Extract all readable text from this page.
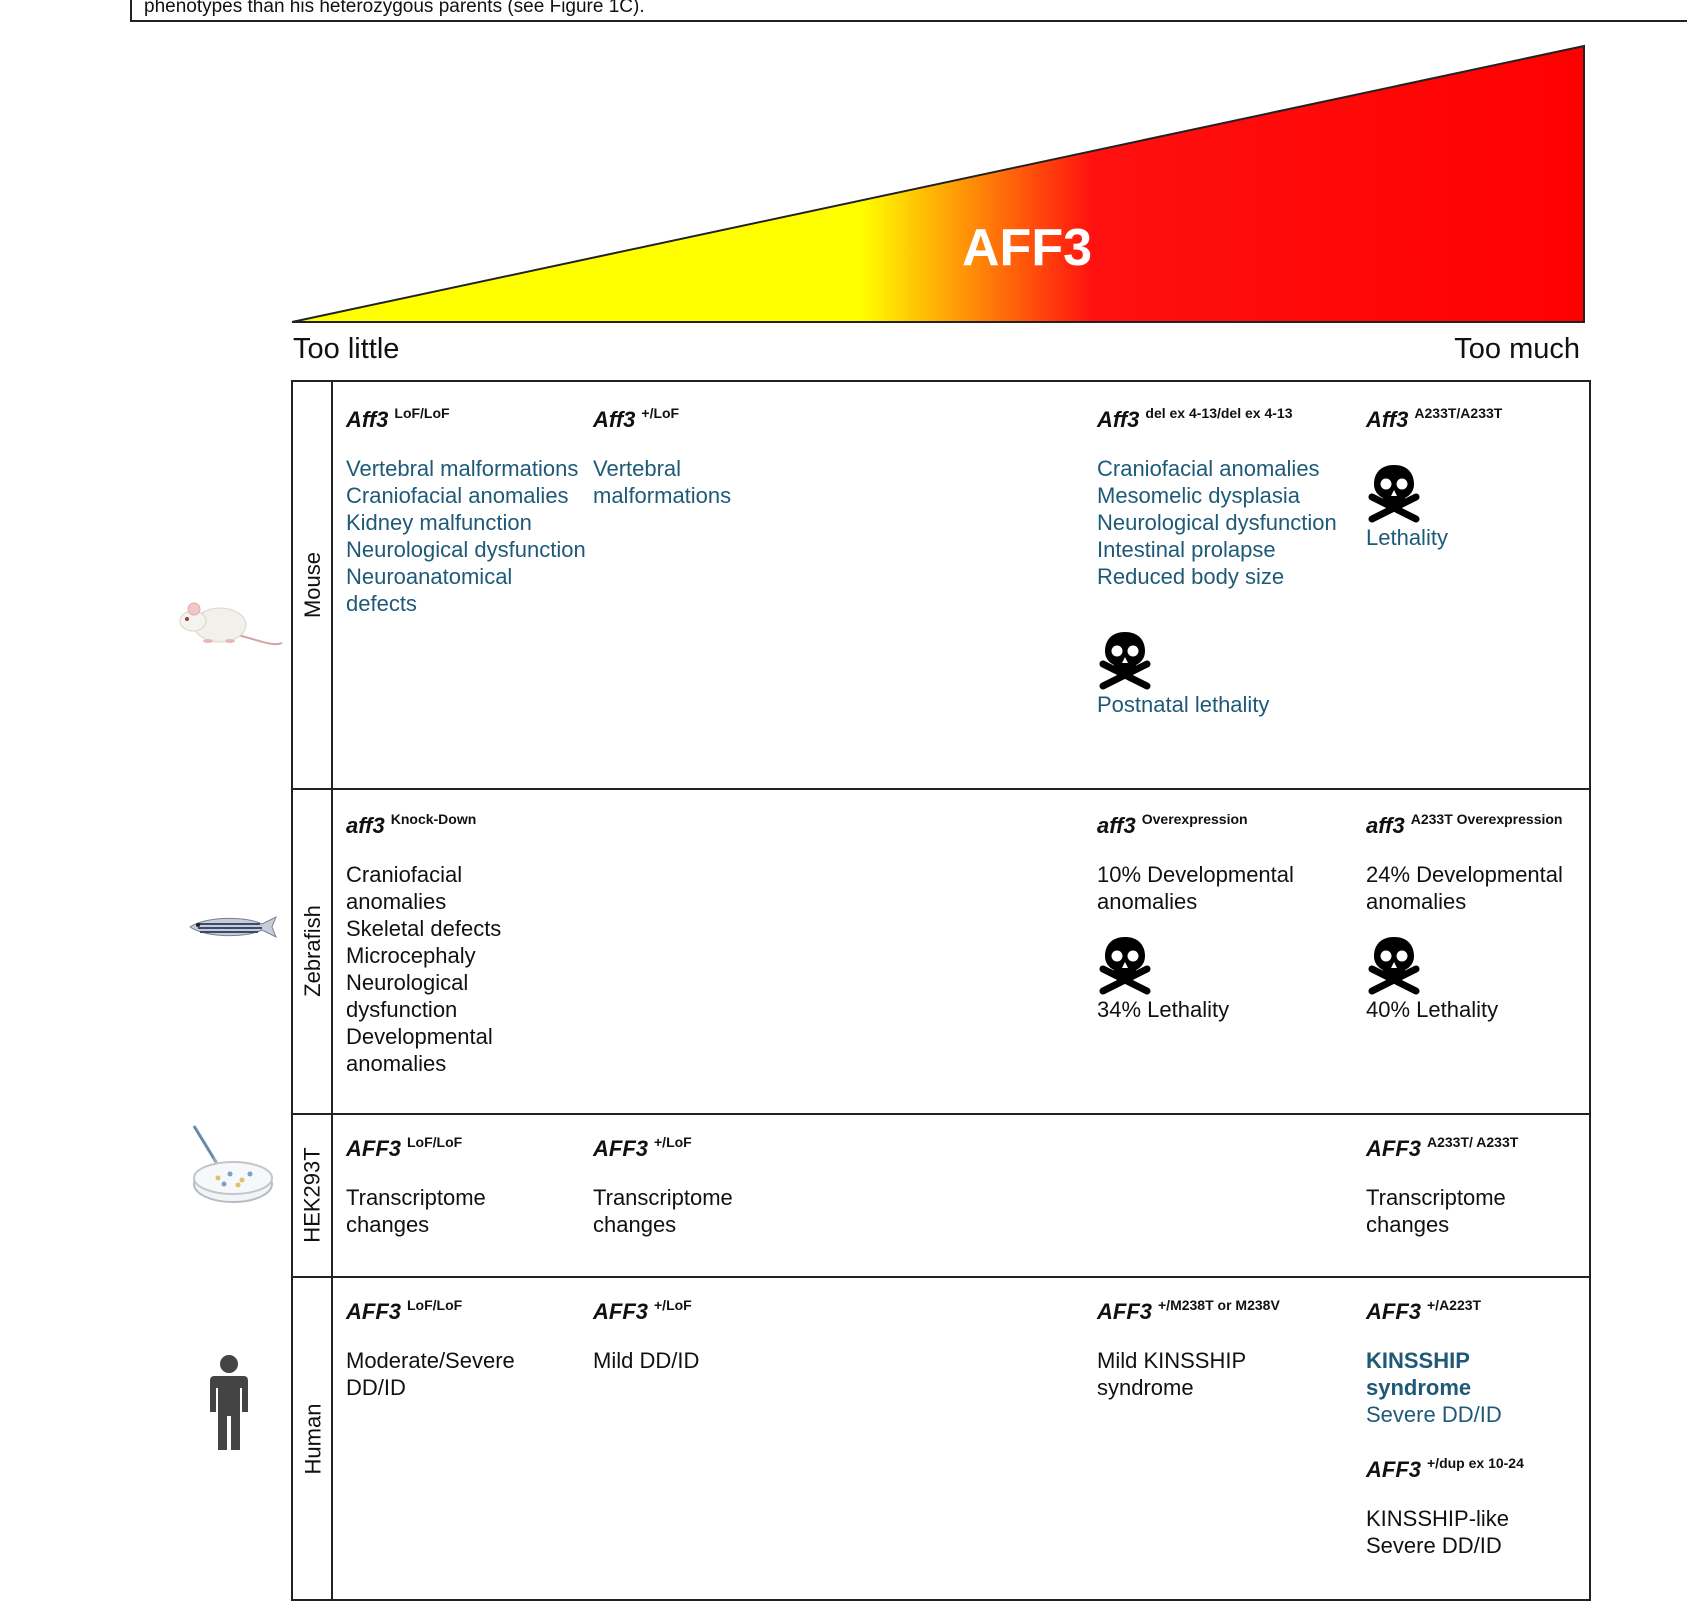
phenotypes than his heterozygous parents (see Figure 1C).
AFF3
Too little	Too much
Mouse
Zebrafish
HEK293T
Human
Aff3 $^{LoF/LoF}$
Vertebral malformations
Craniofacial anomalies
Kidney malfunction
Neurological dysfunction
Neuroanatomical defects
Aff3 $^{+/LoF}$
Vertebral malformations
Aff3 $^{del ex 4-13/del ex 4-13}$
Craniofacial anomalies
Mesomelic dysplasia
Neurological dysfunction
Intestinal prolapse
Reduced body size
Postnatal lethality
Aff3 $^{A233T/A233T}$
Lethality
aff3 $^{Knock-Down}$
Craniofacial anomalies
Skeletal defects
Microcephaly
Neurological dysfunction
Developmental anomalies
aff3 $^{Overexpression}$
10% Developmental anomalies
34% Lethality
aff3 $^{A233T Overexpression}$
24% Developmental anomalies
40% Lethality
AFF3 $^{LoF/LoF}$
Transcriptome changes
AFF3 $^{+/LoF}$
Transcriptome changes
AFF3 $^{A233T/ A233T}$
Transcriptome changes
AFF3 $^{LoF/LoF}$
Moderate/Severe DD/ID
AFF3 $^{+/LoF}$
Mild DD/ID
AFF3 $^{+/M238T or M238V}$
Mild KINSSHIP syndrome
AFF3 $^{+/A223T}$
KINSSHIP syndrome
Severe DD/ID
AFF3 $^{+/dup ex 10-24}$
KINSSHIP-like
Severe DD/ID
